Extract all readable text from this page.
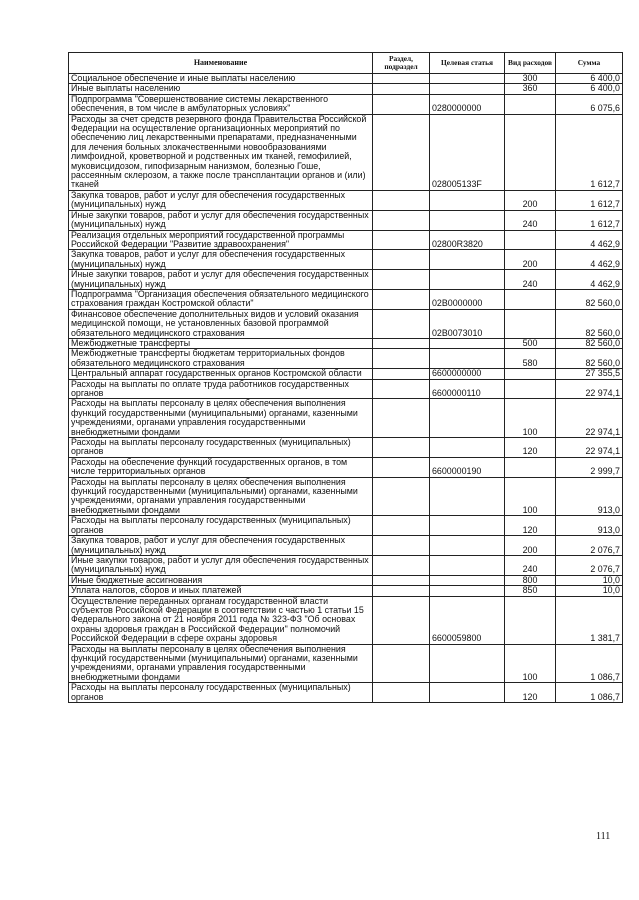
Наименование	Раздел, подраздел	Целевая статья	Вид расходов	Сумма
Социальное обеспечение и иные выплаты населению			300	6 400,0
Иные выплаты населению			360	6 400,0
Подпрограмма "Совершенствование системы лекарственного обеспечения, в том числе в амбулаторных условиях"		0280000000		6 075,6
Расходы за счет средств резервного фонда Правительства Российской Федерации на осуществление организационных мероприятий по обеспечению лиц лекарственными препаратами, предназначенными для лечения больных злокачественными новообразованиями лимфоидной, кроветворной и родственных им тканей, гемофилией, муковисцидозом, гипофизарным нанизмом, болезнью Гоше, рассеянным склерозом, а также после трансплантации органов и (или) тканей		028005133F		1 612,7
Закупка товаров, работ и услуг для обеспечения государственных (муниципальных) нужд			200	1 612,7
Иные закупки товаров, работ и услуг для обеспечения государственных (муниципальных) нужд			240	1 612,7
Реализация отдельных мероприятий государственной программы Российской Федерации "Развитие здравоохранения"		02800R3820		4 462,9
Закупка товаров, работ и услуг для обеспечения государственных (муниципальных) нужд			200	4 462,9
Иные закупки товаров, работ и услуг для обеспечения государственных (муниципальных) нужд			240	4 462,9
Подпрограмма "Организация обеспечения обязательного медицинского страхования граждан Костромской области"		02B0000000		82 560,0
Финансовое обеспечение дополнительных видов и условий оказания медицинской помощи, не установленных базовой программой обязательного медицинского страхования		02B0073010		82 560,0
Межбюджетные трансферты			500	82 560,0
Межбюджетные трансферты бюджетам территориальных фондов обязательного медицинского страхования			580	82 560,0
Центральный аппарат государственных органов Костромской области		6600000000		27 355,5
Расходы на выплаты по оплате труда работников государственных органов		6600000110		22 974,1
Расходы на выплаты персоналу в целях обеспечения выполнения функций государственными (муниципальными) органами, казенными учреждениями, органами управления государственными внебюджетными фондами			100	22 974,1
Расходы на выплаты персоналу государственных (муниципальных) органов			120	22 974,1
Расходы на обеспечение функций государственных органов, в том числе территориальных органов		6600000190		2 999,7
Расходы на выплаты персоналу в целях обеспечения выполнения функций государственными (муниципальными) органами, казенными учреждениями, органами управления государственными внебюджетными фондами			100	913,0
Расходы на выплаты персоналу государственных (муниципальных) органов			120	913,0
Закупка товаров, работ и услуг для обеспечения государственных (муниципальных) нужд			200	2 076,7
Иные закупки товаров, работ и услуг для обеспечения государственных (муниципальных) нужд			240	2 076,7
Иные бюджетные ассигнования			800	10,0
Уплата налогов, сборов и иных платежей			850	10,0
Осуществление переданных органам государственной власти субъектов Российской Федерации в соответствии с частью 1 статьи 15 Федерального закона от 21 ноября 2011 года № 323-ФЗ "Об основах охраны здоровья граждан в Российской Федерации" полномочий Российской Федерации в сфере охраны здоровья		6600059800		1 381,7
Расходы на выплаты персоналу в целях обеспечения выполнения функций государственными (муниципальными) органами, казенными учреждениями, органами управления государственными внебюджетными фондами			100	1 086,7
Расходы на выплаты персоналу государственных (муниципальных) органов			120	1 086,7
111
